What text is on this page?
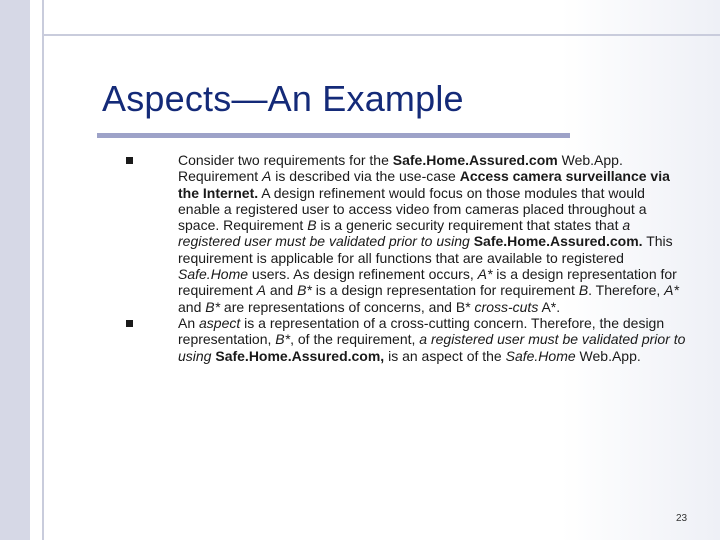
Aspects—An Example
Consider two requirements for the Safe.Home.Assured.com Web.App. Requirement A is described via the use-case Access camera surveillance via the Internet. A design refinement would focus on those modules that would enable a registered user to access video from cameras placed throughout a space. Requirement B is a generic security requirement that states that a registered user must be validated prior to using Safe.Home.Assured.com. This requirement is applicable for all functions that are available to registered Safe.Home users. As design refinement occurs, A* is a design representation for requirement A and B* is a design representation for requirement B. Therefore, A* and B* are representations of concerns, and B* cross-cuts A*.
An aspect is a representation of a cross-cutting concern. Therefore, the design representation, B*, of the requirement, a registered user must be validated prior to using Safe.Home.Assured.com, is an aspect of the Safe.Home Web.App.
23
